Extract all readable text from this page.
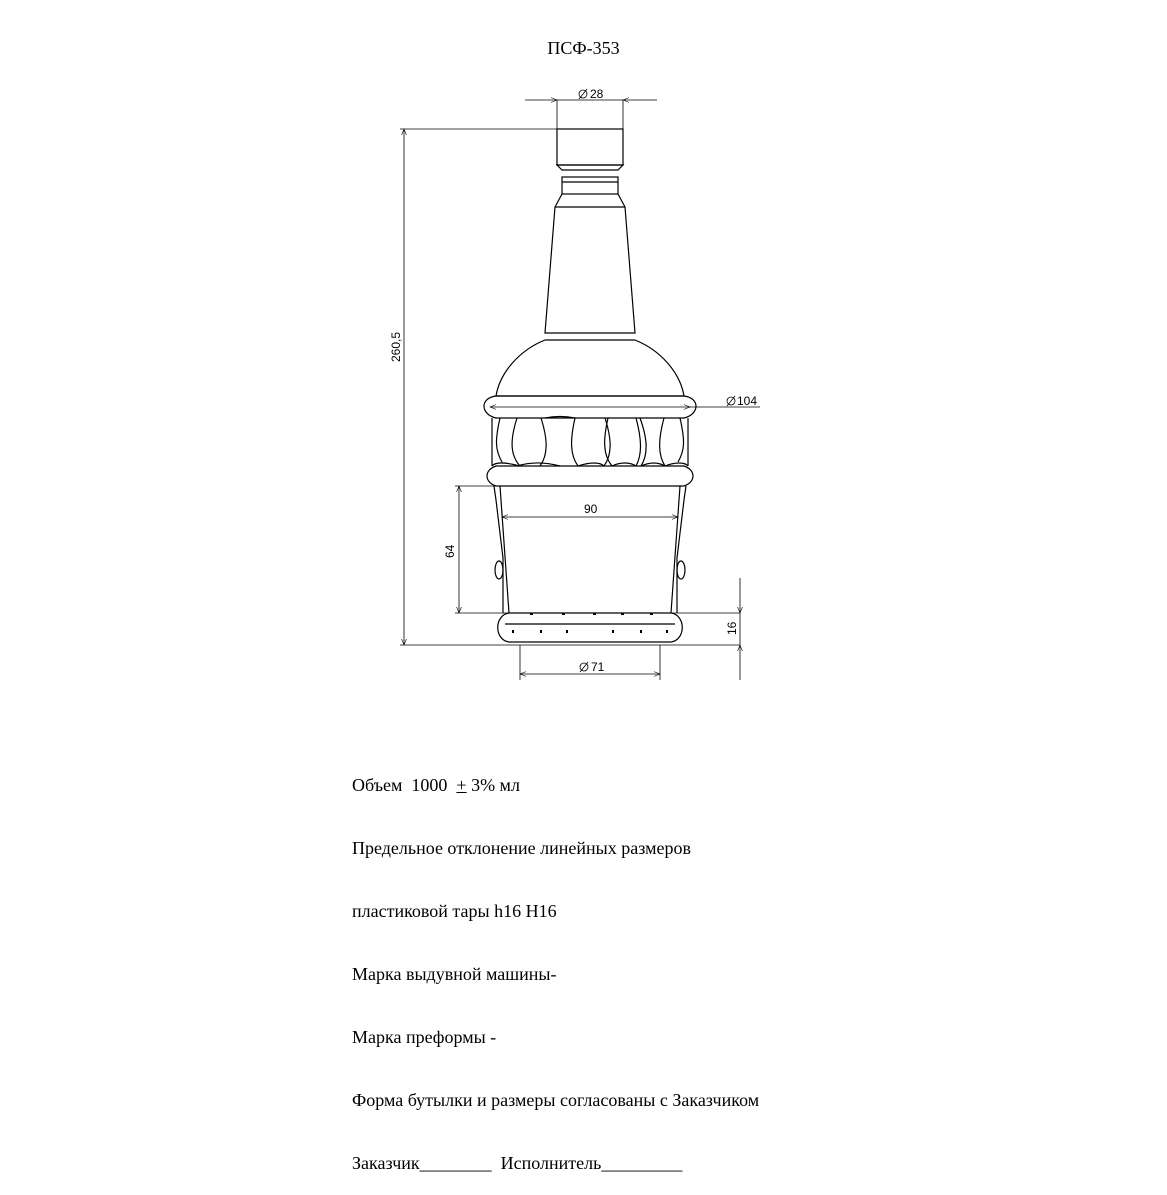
ПСФ-353
28
104
90
71
260,5
64
16

Объем  1000  + 3% мл

Предельное отклонение линейных размеров

пластиковой тары h16 H16

Марка выдувной машины-

Марка преформы -

Форма бутылки и размеры согласованы с Заказчиком

Заказчик________  Исполнитель_________
